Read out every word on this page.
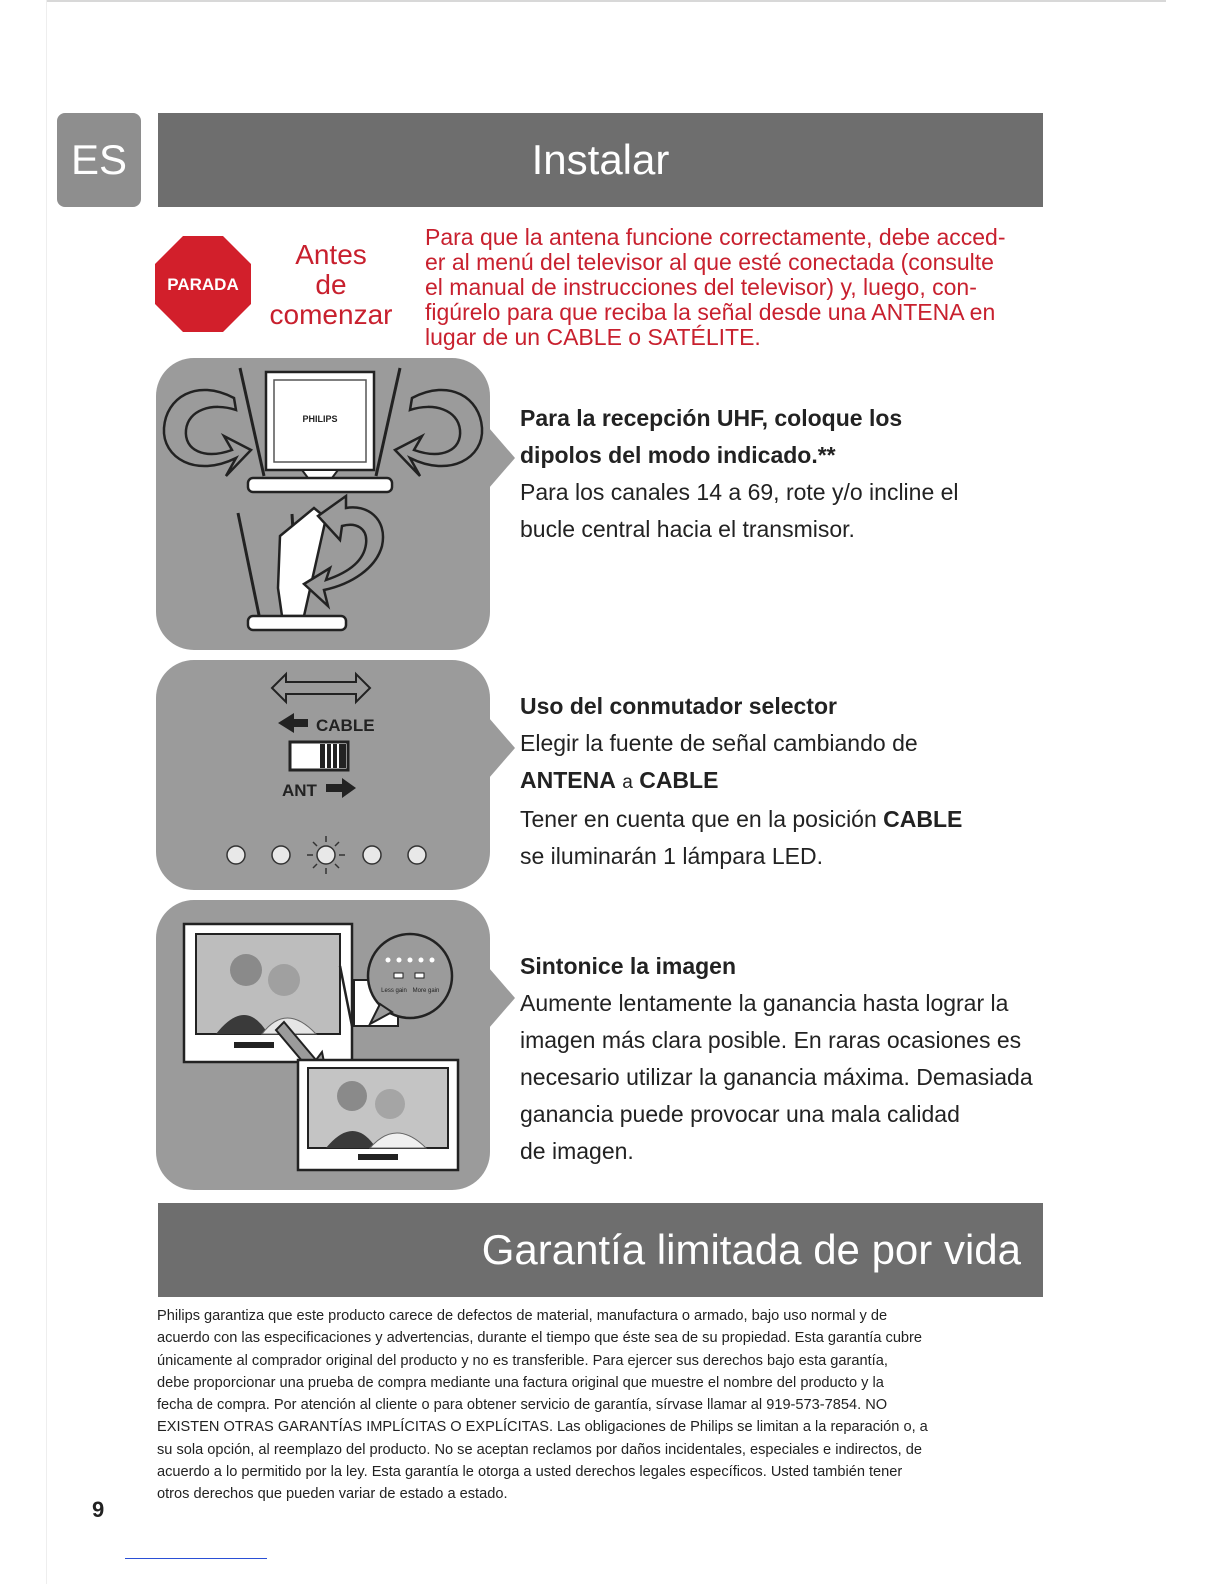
ES	Instalar
PARADA
Antes
de
comenzar
Para que la antena funcione correctamente, debe acced-
er al menú del televisor al que esté conectada (consulte
el manual de instrucciones del televisor) y, luego, con-
figúrelo para que reciba la señal desde una ANTENA en
lugar de un CABLE o SATÉLITE.
PHILIPS	Para la recepción UHF, coloque los
dipolos del modo indicado.**
Para los canales 14 a 69, rote y/o incline el
bucle central hacia el transmisor.
CABLE
ANT
Uso del conmutador selector
Elegir la fuente de señal cambiando de
ANTENA a CABLE
Tener en cuenta que en la posición CABLE
se iluminarán 1 lámpara LED.
Less gain More gain
Sintonice la imagen
Aumente lentamente la ganancia hasta lograr la
imagen más clara posible. En raras ocasiones es
necesario utilizar la ganancia máxima. Demasiada
ganancia puede provocar una mala calidad
de imagen.
Garantía limitada de por vida
Philips garantiza que este producto carece de defectos de material, manufactura o armado, bajo uso normal y de
acuerdo con las especificaciones y advertencias, durante el tiempo que éste sea de su propiedad. Esta garantía cubre
únicamente al comprador original del producto y no es transferible. Para ejercer sus derechos bajo esta garantía,
debe proporcionar una prueba de compra mediante una factura original que muestre el nombre del producto y la
fecha de compra. Por atención al cliente o para obtener servicio de garantía, sírvase llamar al 919-573-7854. NO
EXISTEN OTRAS GARANTÍAS IMPLÍCITAS O EXPLÍCITAS. Las obligaciones de Philips se limitan a la reparación o, a
su sola opción, al reemplazo del producto. No se aceptan reclamos por daños incidentales, especiales e indirectos, de
acuerdo a lo permitido por la ley. Esta garantía le otorga a usted derechos legales específicos. Usted también tener
otros derechos que pueden variar de estado a estado.
9
